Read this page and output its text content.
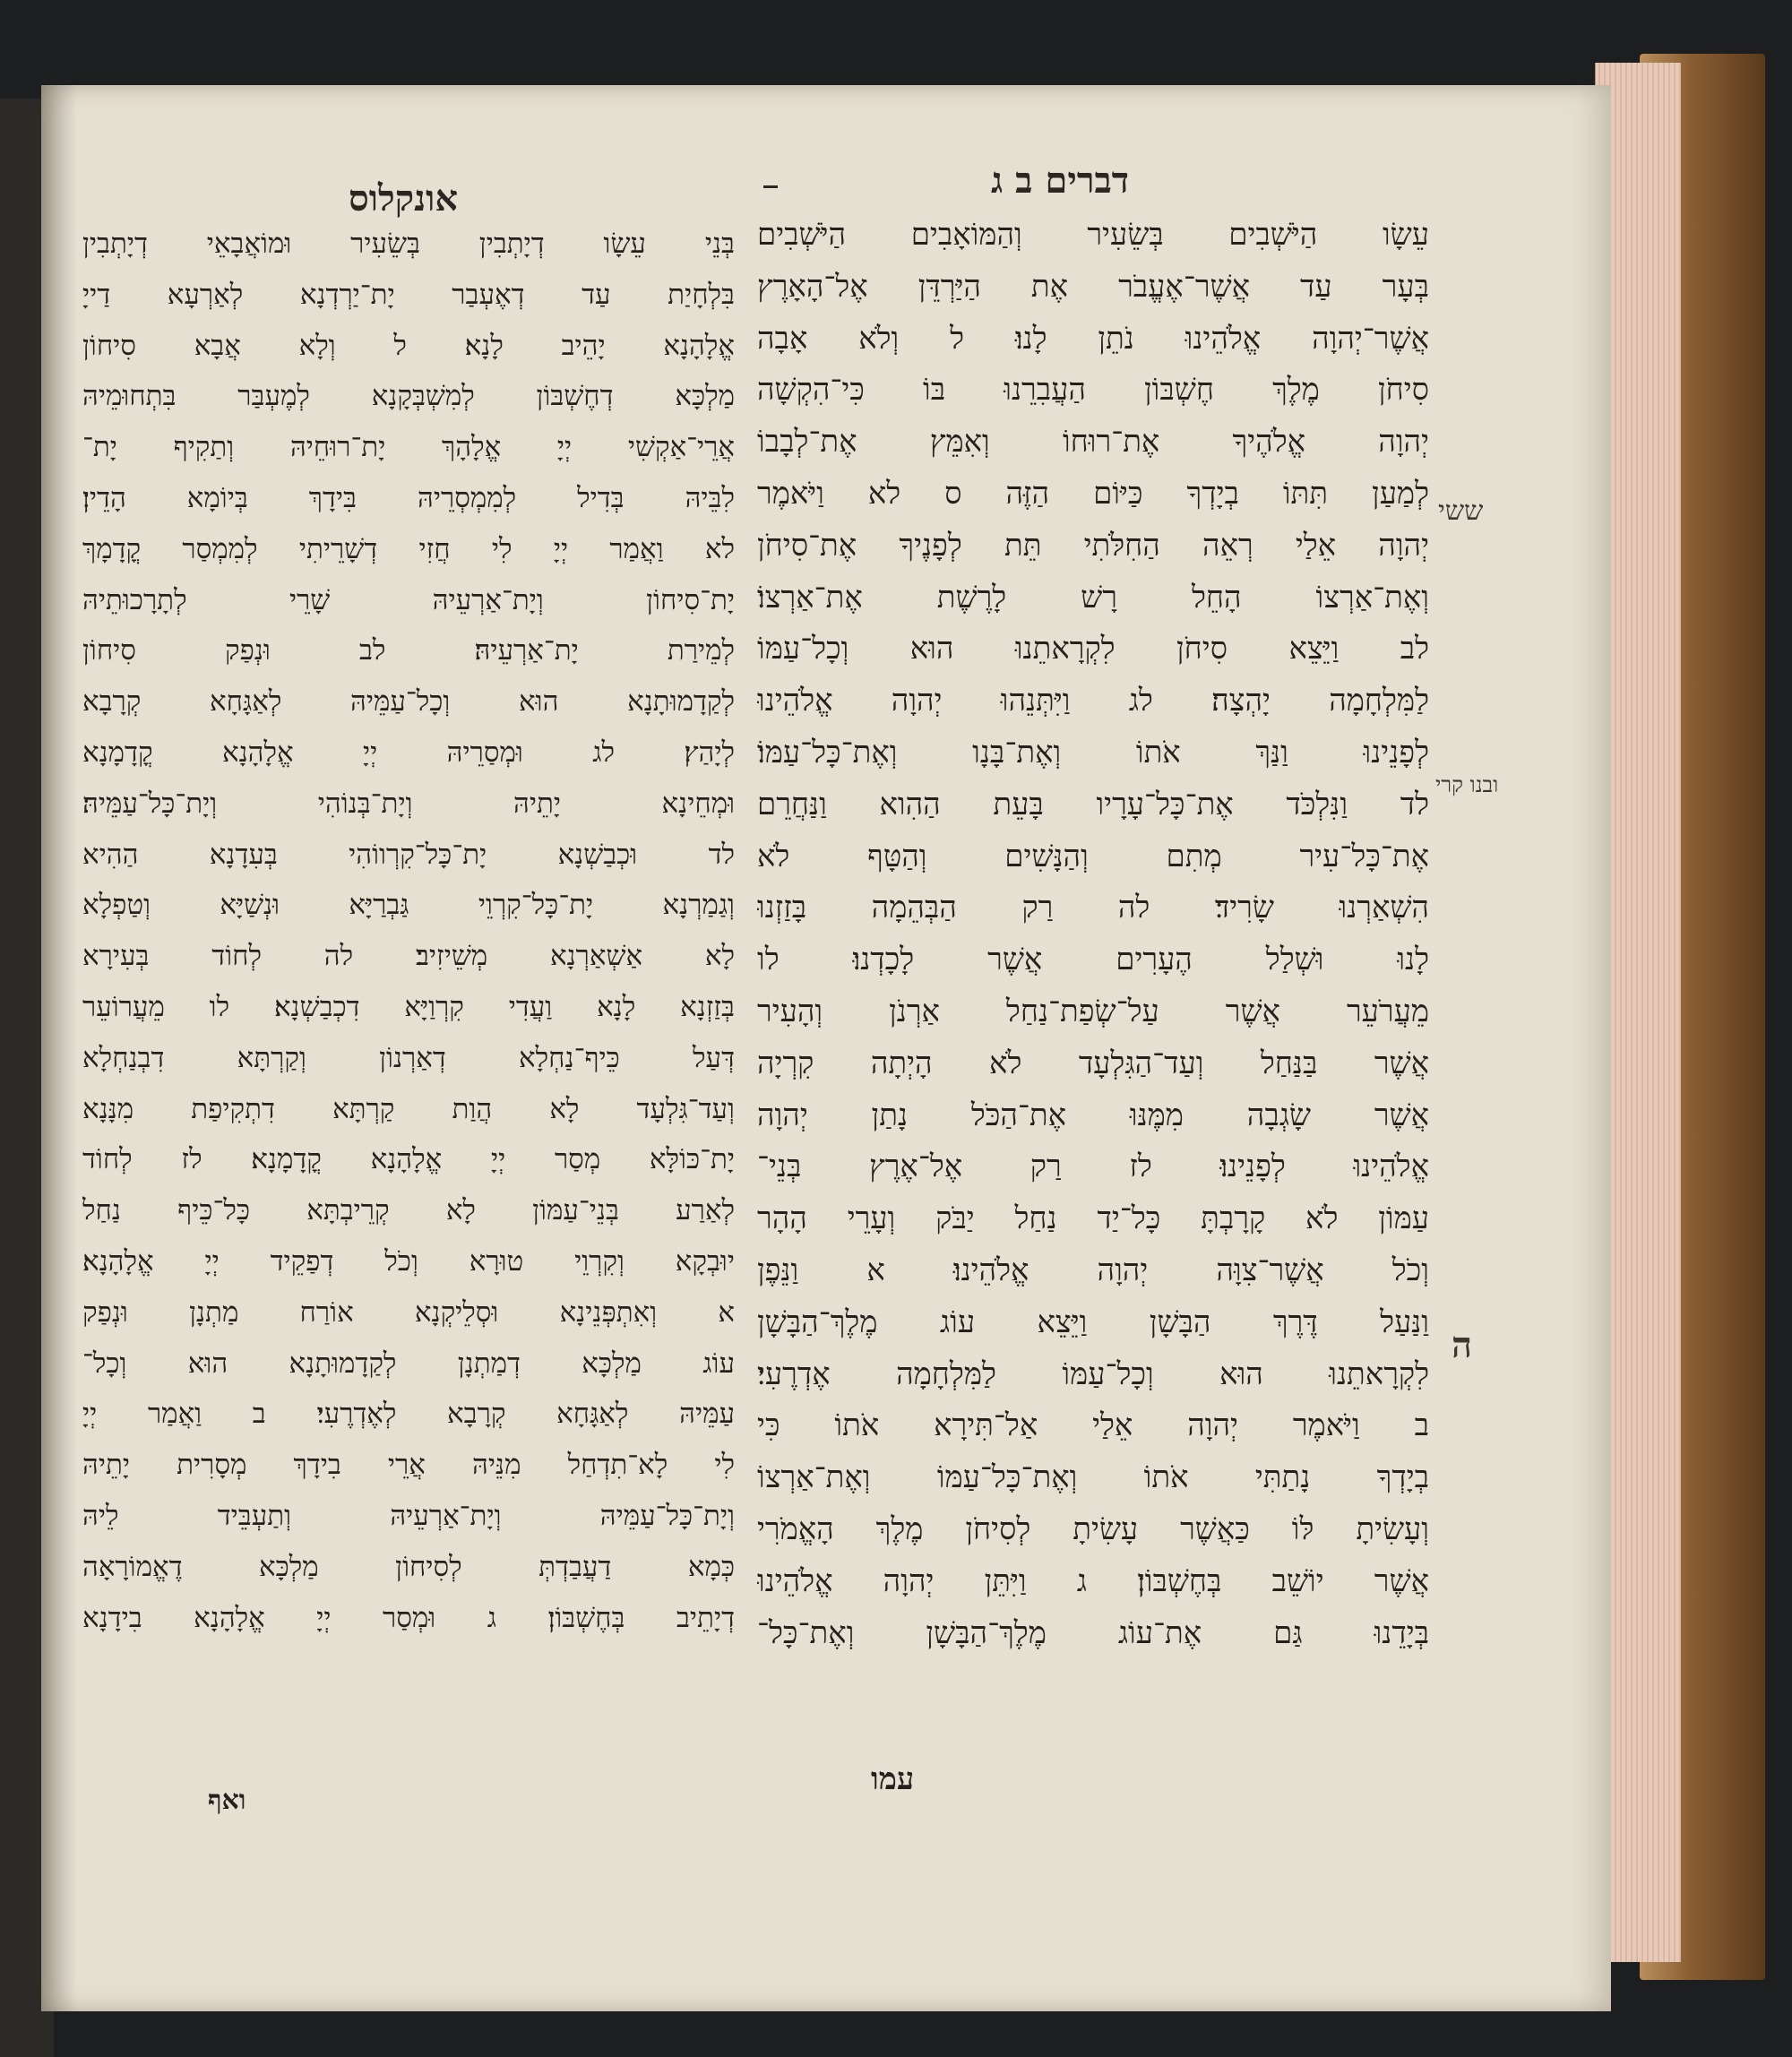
אונקלוס	דברים ב ג
בְּנֵי עֵשָׂו דְיָתְבִין בְּשֵׂעִיר וּמוֹאֲבָאֵי דְיָתְבִין
בִּלְחָיַת עַד דְאֶעְבַר יָת־יַרְדְנָא לְאַרְעָא דַייָ
אֱלָהָנָא יָהֵיב לָנָא׃ ל וְלָא אֲבָא סִיחוֹן
מַלְכָּא דְחֶשְׁבּוֹן לְמִשְׁבְּקָנָא לְמֶעְבַּר בִּתְחוּמֵיהּ
אֲרֵי־אַקְשִׁי יְיָ אֱלָהָךְ יָת־רוּחֵיהּ וְתַקִיף יָת־
לִבֵּיהּ בְּדִיל לְמִמְסְרֵיהּ בִּידָךְ בְּיוֹמָא הָדֵין׃
לא וַאֲמַר יְיָ לִי חֲזִי דְשָׁרֵיתִי לְמִמְסַר קֳדָמָךְ
יָת־סִיחוֹן וְיָת־אַרְעֵיהּ שָׁרֵי לְתָרָכוּתֵיהּ
לְמֵירַת יָת־אַרְעֵיהּ׃ לב וּנְפַק סִיחוֹן
לְקַדָמוּתָנָא הוּא וְכָל־עַמֵּיהּ לְאַגָּחָא קְרָבָא
לְיָהַץ׃ לג וּמְסַרֵיהּ יְיָ אֱלָהָנָא קֳדָמָנָא
וּמְחֵינָא יָתֵיהּ וְיָת־בְּנוֹהִי וְיָת־כָּל־עַמֵּיהּ׃
לד וּכְבַשְׁנָא יָת־כָּל־קִרְווֹהִי בְּעִדָנָא הַהִיא
וְגַמַרְנָא יָת־כָּל־קִרְוֵי גַּבְרַיָּא וּנְשַׁיָּא וְטַפְלָא
לָא אַשְׁאַרְנָא מְשֵׁיזִיב׃ לה לְחוֹד בְּעִירָא
בְּזַזְנָא לָנָא וַעֲדִי קִרְוַיָּא דִכְבַשְׁנָא׃ לו מֵעֲרוֹעֵר
דְּעַל כֵּיף־נַחְלָא דְאַרְנוֹן וְקַרְתָּא דִבְנַחְלָא
וְעַד־גִּלְעָד לָא הֲוַת קַרְתָּא דִתְקִיפַת מִנָּנָא
יָת־כּוֹלָּא מְסַר יְיָ אֱלָהָנָא קֳדָמָנָא׃ לז לְחוֹד
לְאַרַע בְּנֵי־עַמּוֹן לָא קְרֵיבְתָּא כָּל־כֵּיף נַחַל
יוּבְקָא וְקִרְוֵי טוּרָא וְכֹל דְפַקֵיד יְיָ אֱלָהָנָא׃
א וְאִתְפְּנֵינָא וּסְלֵיקְנָא אוֹרַח מַתְנָן וּנְפַק
עוֹג מַלְכָּא דְמַתְנָן לְקַדָמוּתָנָא הוּא וְכָל־
עַמֵּיהּ לְאַגָּחָא קְרָבָא לְאֶדְרֶעִי׃ ב וַאֲמַר יְיָ
לִי לָא־תִדְחַל מִנֵּיהּ אֲרֵי בִידָךְ מְסָרִית יָתֵיהּ
וְיָת־כָּל־עַמֵּיהּ וְיָת־אַרְעֵיהּ וְתַעְבֵּיד לֵיהּ
כְּמָא דַעֲבַדְתְּ לְסִיחוֹן מַלְכָּא דֶאֱמוֹרָאָה
דְיָתֵיב בְּחֶשְׁבּוֹן׃ ג וּמְסַר יְיָ אֱלָהָנָא בִידָנָא
עֵשָׂו הַיֹּשְׁבִים בְּשֵׂעִיר וְהַמּוֹאָבִים הַיֹּשְׁבִים
בְּעָר עַד אֲשֶׁר־אֶעֱבֹר אֶת הַיַּרְדֵּן אֶל־הָאָרֶץ
אֲשֶׁר־יְהוָה אֱלֹהֵינוּ נֹתֵן לָנוּ׃ ל וְלֹא אָבָה
סִיחֹן מֶלֶךְ חֶשְׁבּוֹן הַעֲבִרֵנוּ בּוֹ כִּי־הִקְשָׁה
יְהוָה אֱלֹהֶיךָ אֶת־רוּחוֹ וְאִמֵּץ אֶת־לְבָבוֹ
לְמַעַן תִּתּוֹ בְיָדְךָ כַּיּוֹם הַזֶּה ס לא וַיֹּאמֶר
יְהוָה אֵלַי רְאֵה הַחִלֹּתִי תֵּת לְפָנֶיךָ אֶת־סִיחֹן
וְאֶת־אַרְצוֹ הָחֵל רָשׁ לָרֶשֶׁת אֶת־אַרְצוֹ׃
לב וַיֵּצֵא סִיחֹן לִקְרָאתֵנוּ הוּא וְכָל־עַמּוֹ
לַמִּלְחָמָה יָהְצָה׃ לג וַיִּתְּנֵהוּ יְהוָה אֱלֹהֵינוּ
לְפָנֵינוּ וַנַּךְ אֹתוֹ וְאֶת־בָּנָו וְאֶת־כָּל־עַמּוֹ׃
לד וַנִּלְכֹּד אֶת־כָּל־עָרָיו בָּעֵת הַהִוא וַנַּחֲרֵם
אֶת־כָּל־עִיר מְתִם וְהַנָּשִׁים וְהַטָּף לֹא
הִשְׁאַרְנוּ שָׂרִיד׃ לה רַק הַבְּהֵמָה בָּזַזְנוּ
לָנוּ וּשְׁלַל הֶעָרִים אֲשֶׁר לָכָדְנוּ׃ לו
מֵעֲרֹעֵר אֲשֶׁר עַל־שְׂפַת־נַחַל אַרְנֹן וְהָעִיר
אֲשֶׁר בַּנַּחַל וְעַד־הַגִּלְעָד לֹא הָיְתָה קִרְיָה
אֲשֶׁר שָׂגְבָה מִמֶּנּוּ אֶת־הַכֹּל נָתַן יְהוָה
אֱלֹהֵינוּ לְפָנֵינוּ׃ לז רַק אֶל־אֶרֶץ בְּנֵי־
עַמּוֹן לֹא קָרָבְתָּ כָּל־יַד נַחַל יַבֹּק וְעָרֵי הָהָר
וְכֹל אֲשֶׁר־צִוָּה יְהוָה אֱלֹהֵינוּ׃ א וַנֵּפֶן
וַנַּעַל דֶּרֶךְ הַבָּשָׁן וַיֵּצֵא עוֹג מֶלֶךְ־הַבָּשָׁן
לִקְרָאתֵנוּ הוּא וְכָל־עַמּוֹ לַמִּלְחָמָה אֶדְרֶעִי׃
ב וַיֹּאמֶר יְהוָה אֵלַי אַל־תִּירָא אֹתוֹ כִּי
בְיָדְךָ נָתַתִּי אֹתוֹ וְאֶת־כָּל־עַמּוֹ וְאֶת־אַרְצוֹ
וְעָשִׂיתָ לּוֹ כַּאֲשֶׁר עָשִׂיתָ לְסִיחֹן מֶלֶךְ הָאֱמֹרִי
אֲשֶׁר יוֹשֵׁב בְּחֶשְׁבּוֹן׃ ג וַיִּתֵּן יְהוָה אֱלֹהֵינוּ
בְּיָדֵנוּ גַּם אֶת־עוֹג מֶלֶךְ־הַבָּשָׁן וְאֶת־כָּל־
ששי
ובנו קרי
ה
ואף
עמו
